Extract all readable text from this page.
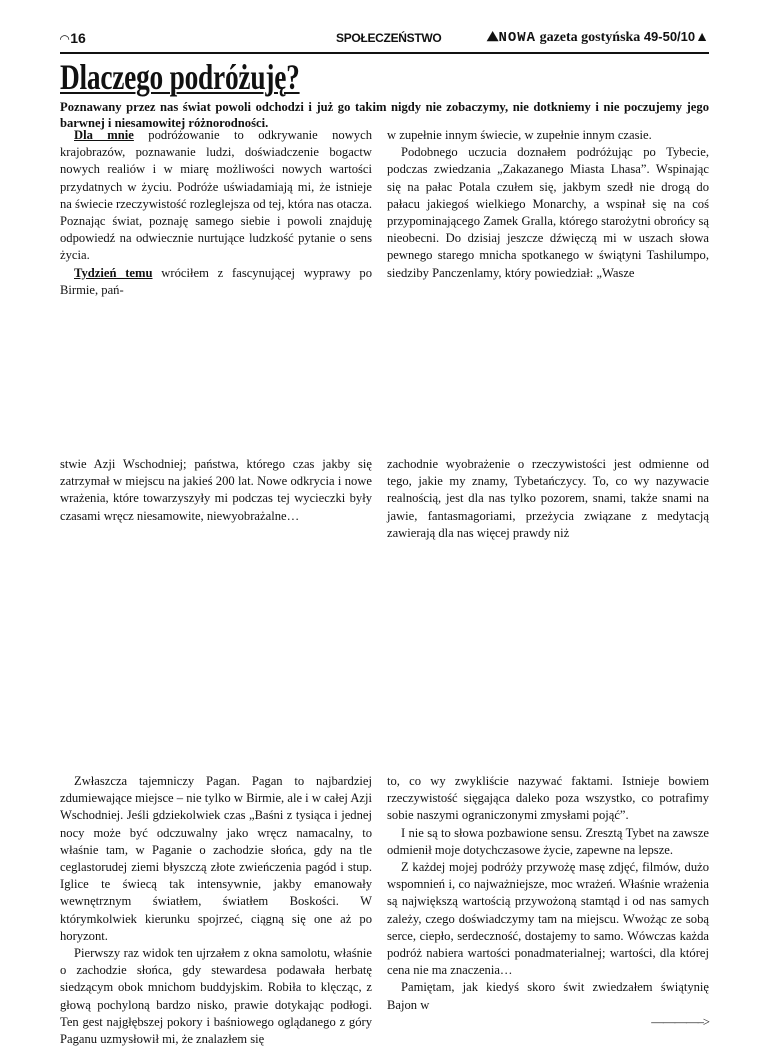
◠16	SPOŁECZEŃSTWO	⛰NOWA gazeta gostyńska 49-50/10▲
Dlaczego podróżuję?
Poznawany przez nas świat powoli odchodzi i już go takim nigdy nie zobaczymy, nie dotkniemy i nie poczujemy jego barwnej i niesamowitej różnorodności.

Dla mnie podróżowanie to odkrywanie nowych krajobrazów, poznawanie ludzi, doświadczenie bogactw nowych realiów i w miarę możliwości nowych wartości przydatnych w życiu. Podróże uświadamiają mi, że istnieje na świecie rzeczywistość rozleglejsza od tej, która nas otacza. Poznając świat, poznaję samego siebie i powoli znajduję odpowiedź na odwiecznie nurtujące ludzkość pytanie o sens życia.

Tydzień temu wróciłem z fascynującej wyprawy po Birmie, pań-

w zupełnie innym świecie, w zupełnie innym czasie.

Podobnego uczucia doznałem podróżując po Tybecie, podczas zwiedzania „Zakazanego Miasta Lhasa”. Wspinając się na pałac Potala czułem się, jakbym szedł nie drogą do pałacu jakiegoś wielkiego Monarchy, a wspinał się na coś przypominającego Zamek Gralla, którego starożytni obrońcy są nieobecni. Do dzisiaj jeszcze dźwięczą mi w uszach słowa pewnego starego mnicha spotkanego w świątyni Tashilumpo, siedziby Panczenlamy, który powiedział: „Wasze

stwie Azji Wschodniej; państwa, którego czas jakby się zatrzymał w miejscu na jakieś 200 lat. Nowe odkrycia i nowe wrażenia, które towarzyszyły mi podczas tej wycieczki były czasami wręcz niesamowite, niewyobrażalne…

zachodnie wyobrażenie o rzeczywistości jest odmienne od tego, jakie my znamy, Tybetańczycy. To, co wy nazywacie realnością, jest dla nas tylko pozorem, snami, także snami na jawie, fantasmagoriami, przeżycia związane z medytacją zawierają dla nas więcej prawdy niż

Zwłaszcza tajemniczy Pagan. Pagan to najbardziej zdumiewające miejsce – nie tylko w Birmie, ale i w całej Azji Wschodniej. Jeśli gdziekolwiek czas „Baśni z tysiąca i jednej nocy może być odczuwalny jako wręcz namacalny, to właśnie tam, w Paganie o zachodzie słońca, gdy na tle ceglastorudej ziemi błyszczą złote zwieńczenia pagód i stup. Iglice te świecą tak intensywnie, jakby emanowały wewnętrznym światłem, światłem Boskości. W którymkolwiek kierunku spojrzeć, ciągną się one aż po horyzont.

Pierwszy raz widok ten ujrzałem z okna samolotu, właśnie o zachodzie słońca, gdy stewardesa podawała herbatę siedzącym obok mnichom buddyjskim. Robiła to klęcząc, z głową pochyloną bardzo nisko, prawie dotykając podłogi. Ten gest najgłębszej pokory i baśniowego oglądanego z góry Paganu uzmysłowił mi, że znalazłem się

to, co wy zwykliście nazywać faktami. Istnieje bowiem rzeczywistość sięgająca daleko poza wszystko, co potrafimy sobie naszymi ograniczonymi zmysłami pojąć”.

I nie są to słowa pozbawione sensu. Zresztą Tybet na zawsze odmienił moje dotychczasowe życie, zapewne na lepsze.

Z każdej mojej podróży przywożę masę zdjęć, filmów, dużo wspomnień i, co najważniejsze, moc wrażeń. Właśnie wrażenia są największą wartością przywożoną stamtąd i od nas samych zależy, czego doświadczymy tam na miejscu. Wwożąc ze sobą serce, ciepło, serdeczność, dostajemy to samo. Wówczas każda podróż nabiera wartości ponadmaterialnej; wartości, dla której cena nie ma znaczenia…

Pamiętam, jak kiedyś skoro świt zwiedzałem świątynię Bajon w

————–>
